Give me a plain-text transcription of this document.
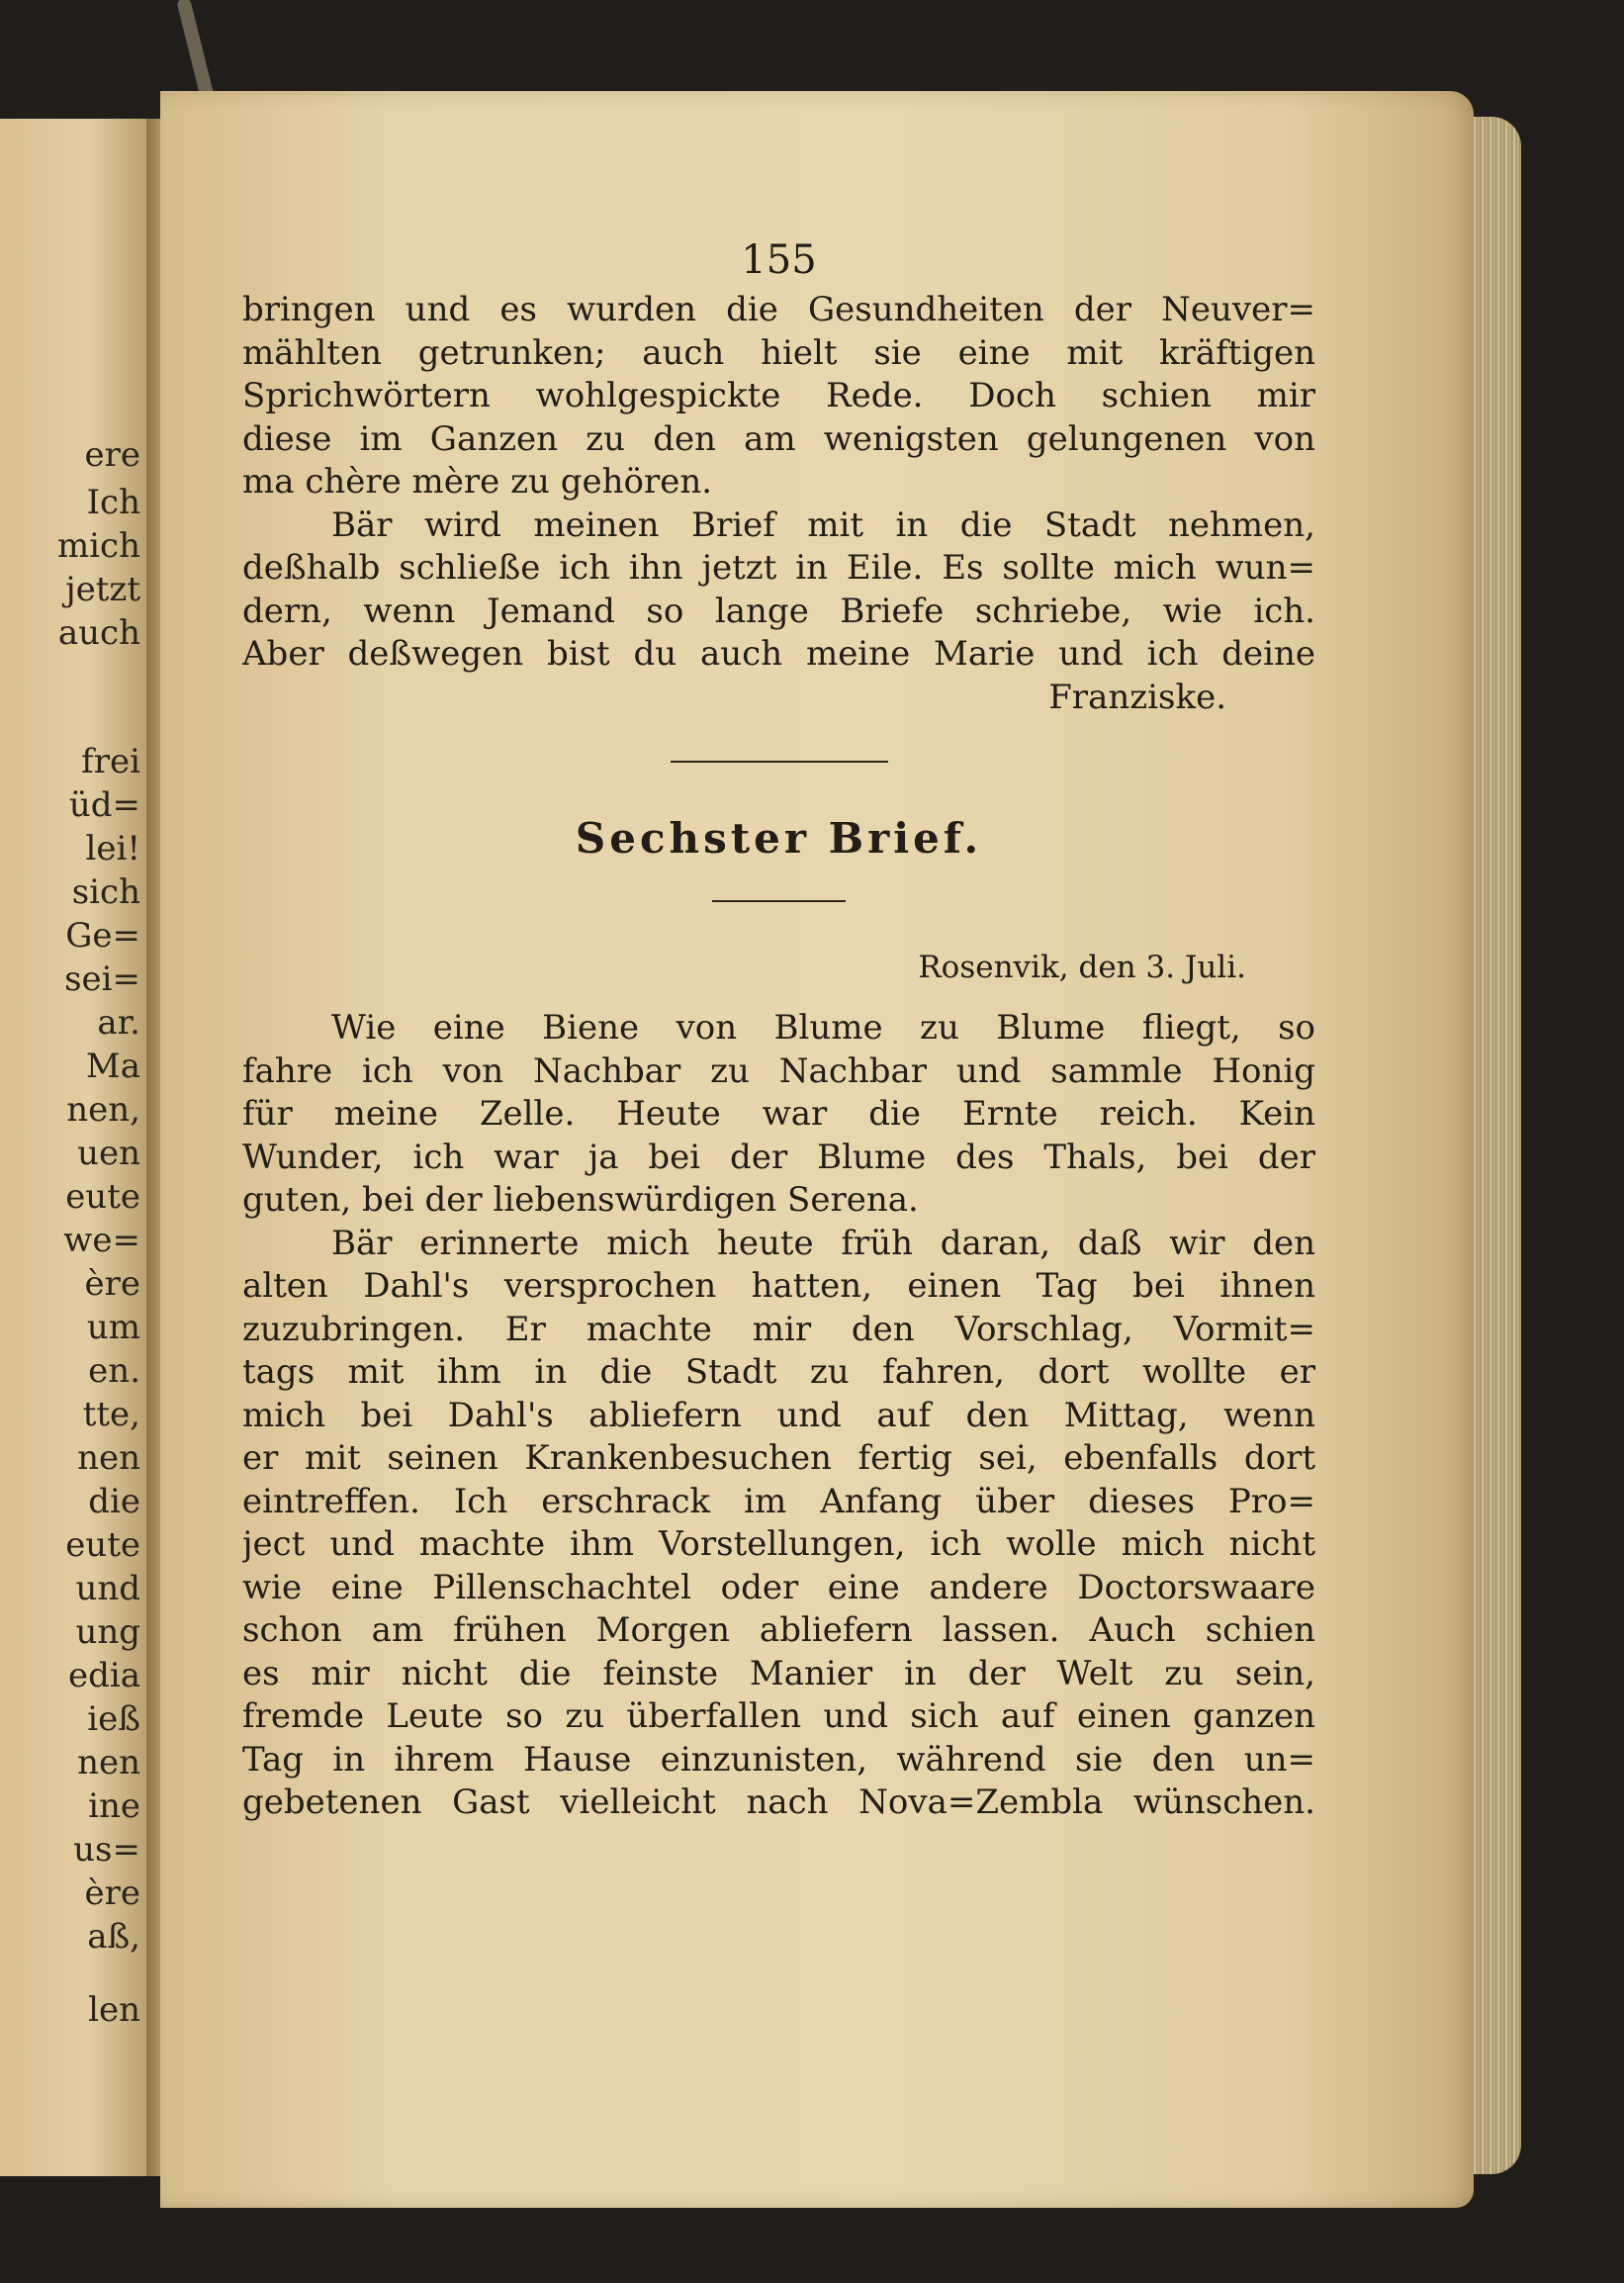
ere
Ich
mich
jetzt
auch
frei
üd=
lei!
sich
Ge=
sei=
ar.
Ma
nen,
uen
eute
we=
ère
um
en.
tte,
nen
die
eute
und
ung
edia
ieß
nen
ine
us=
ère
aß,
len
155
bringen und es wurden die Gesundheiten der Neuver=
mählten getrunken; auch hielt sie eine mit kräftigen
Sprichwörtern wohlgespickte Rede. Doch schien mir
diese im Ganzen zu den am wenigsten gelungenen von
ma chère mère zu gehören.
Bär wird meinen Brief mit in die Stadt nehmen,
deßhalb schließe ich ihn jetzt in Eile. Es sollte mich wun=
dern, wenn Jemand so lange Briefe schriebe, wie ich.
Aber deßwegen bist du auch meine Marie und ich deine
Franziske.
Sechster Brief.
Rosenvik, den 3. Juli.
Wie eine Biene von Blume zu Blume fliegt, so
fahre ich von Nachbar zu Nachbar und sammle Honig
für meine Zelle. Heute war die Ernte reich. Kein
Wunder, ich war ja bei der Blume des Thals, bei der
guten, bei der liebenswürdigen Serena.
Bär erinnerte mich heute früh daran, daß wir den
alten Dahl's versprochen hatten, einen Tag bei ihnen
zuzubringen. Er machte mir den Vorschlag, Vormit=
tags mit ihm in die Stadt zu fahren, dort wollte er
mich bei Dahl's abliefern und auf den Mittag, wenn
er mit seinen Krankenbesuchen fertig sei, ebenfalls dort
eintreffen. Ich erschrack im Anfang über dieses Pro=
ject und machte ihm Vorstellungen, ich wolle mich nicht
wie eine Pillenschachtel oder eine andere Doctorswaare
schon am frühen Morgen abliefern lassen. Auch schien
es mir nicht die feinste Manier in der Welt zu sein,
fremde Leute so zu überfallen und sich auf einen ganzen
Tag in ihrem Hause einzunisten, während sie den un=
gebetenen Gast vielleicht nach Nova=Zembla wünschen.
